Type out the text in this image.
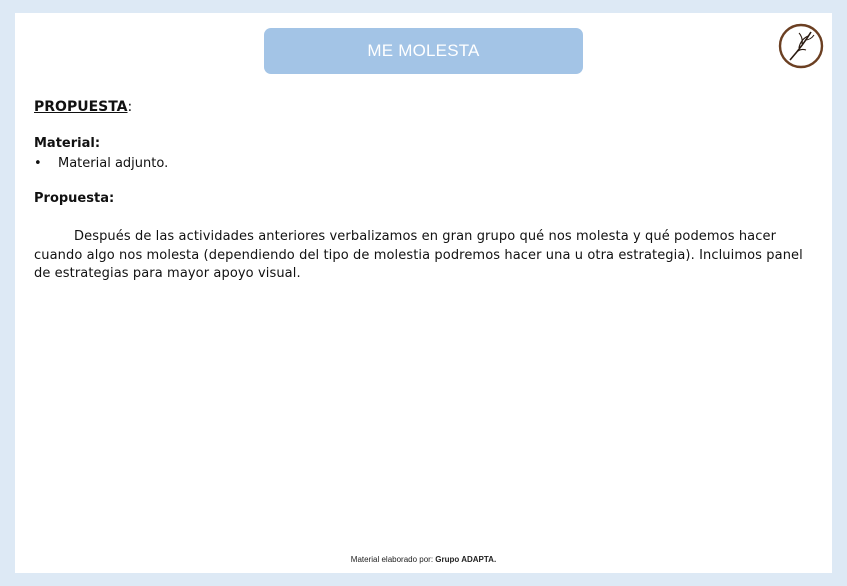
ME MOLESTA
PROPUESTA:
Material:
•	Material adjunto.
Propuesta:

Después de las actividades anteriores verbalizamos en gran grupo qué nos molesta y qué podemos hacer cuando algo nos molesta (dependiendo del tipo de molestia podremos hacer una u otra estrategia). Incluimos panel de estrategias para mayor apoyo visual.

Material elaborado por: Grupo ADAPTA.
